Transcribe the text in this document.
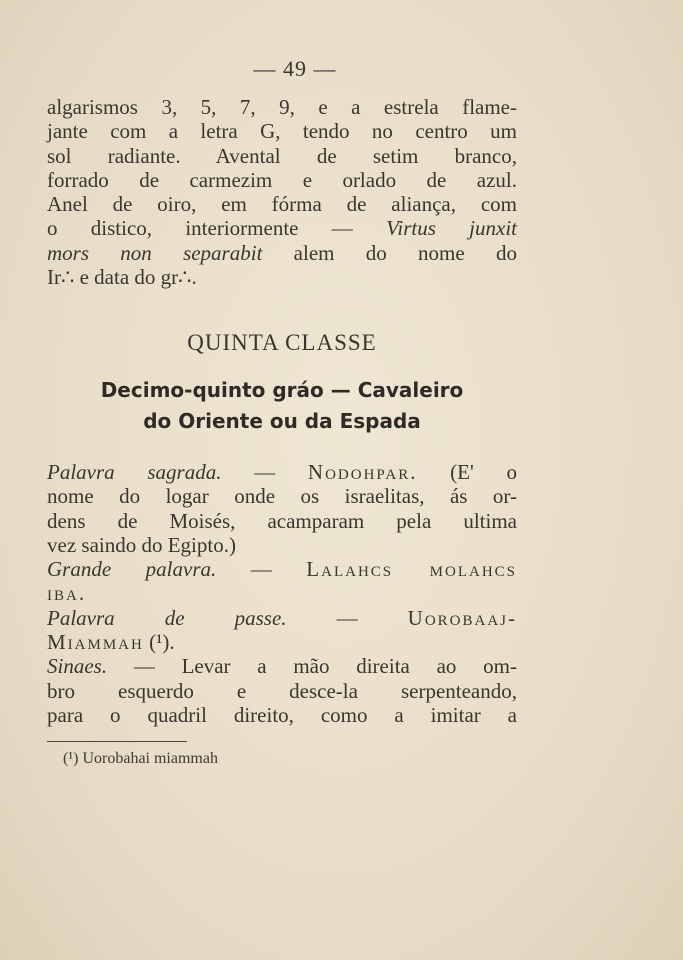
— 49 —
algarismos 3, 5, 7, 9, e a estrela flame-
jante com a letra G, tendo no centro um
sol radiante. Avental de setim branco,
forrado de carmezim e orlado de azul.
Anel de oiro, em fórma de aliança, com
o distico, interiormente — Virtus junxit
mors non separabit alem do nome do
Ir∴ e data do gr∴.
QUINTA CLASSE
Decimo-quinto gráo — Cavaleiro
do Oriente ou da Espada
Palavra sagrada. — Nodohpar. (E' o
nome do logar onde os israelitas, ás or-
dens de Moisés, acamparam pela ultima
vez saindo do Egipto.)
Grande palavra. — Lalahcs molahcs
iba.
Palavra de passe. — Uorobaaj-
Miammah (¹).
Sinaes. — Levar a mão direita ao om-
bro esquerdo e desce-la serpenteando,
para o quadril direito, como a imitar a
(¹) Uorobahai miammah
